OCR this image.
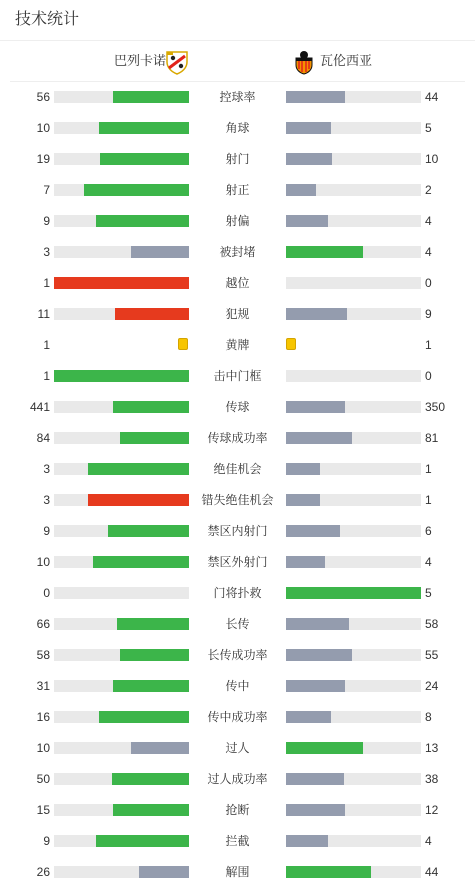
技术统计
巴列卡诺	瓦伦西亚
56	控球率	44
10	角球	5
19	射门	10
7	射正	2
9	射偏	4
3	被封堵	4
1	越位	0
11	犯规	9
1	黄牌	1
1	击中门框	0
441	传球	350
84	传球成功率	81
3	绝佳机会	1
3	错失绝佳机会	1
9	禁区内射门	6
10	禁区外射门	4
0	门将扑救	5
66	长传	58
58	长传成功率	55
31	传中	24
16	传中成功率	8
10	过人	13
50	过人成功率	38
15	抢断	12
9	拦截	4
26	解围	44
